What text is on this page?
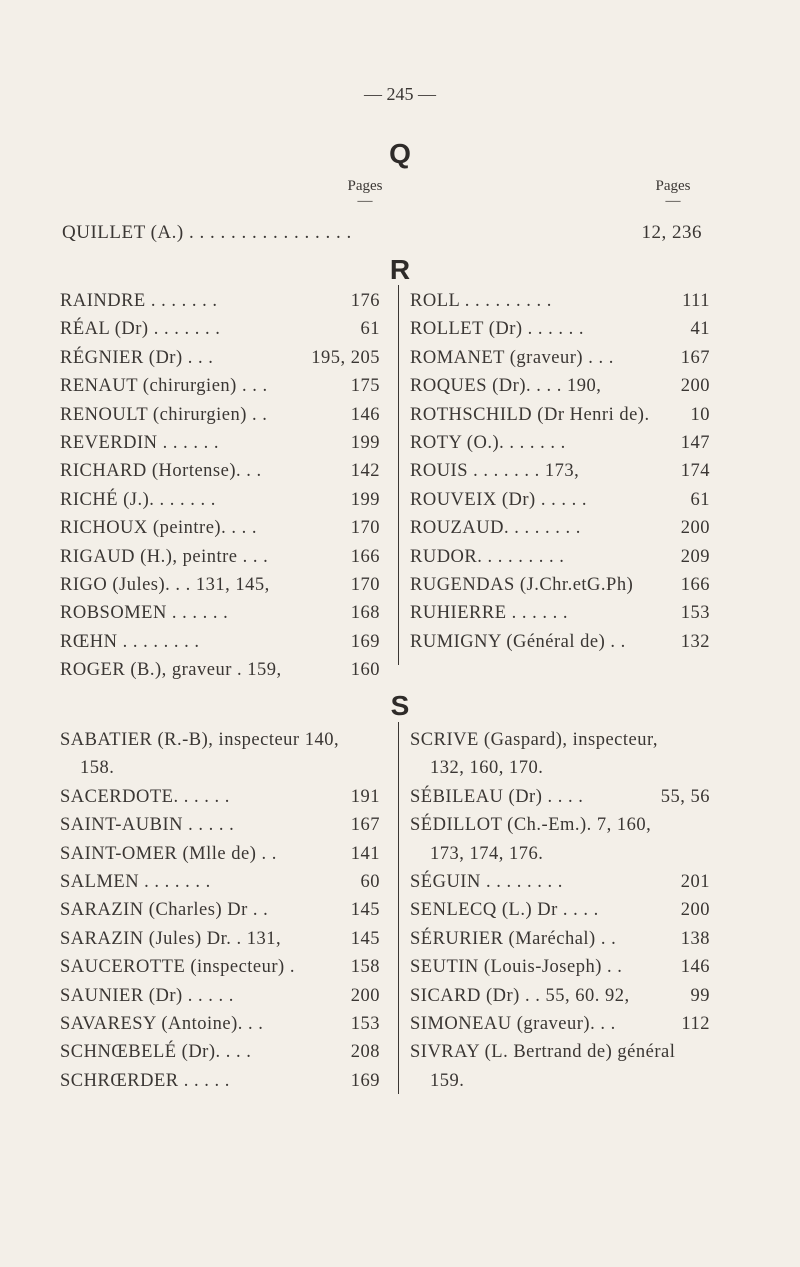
— 245 —
Q
Pages
—
Pages
—
QUILLET (A.) . . . . . . . . . . . . . . . .	12, 236
R
RAINDRE . . . . . . .	176
RÉAL (Dr) . . . . . . .	61
RÉGNIER (Dr) . . .	195, 205
RENAUT (chirurgien) . . .	175
RENOULT (chirurgien) . .	146
REVERDIN . . . . . .	199
RICHARD (Hortense). . .	142
RICHÉ (J.). . . . . . .	199
RICHOUX (peintre). . . .	170
RIGAUD (H.), peintre . . .	166
RIGO (Jules). . . 131, 145,	170
ROBSOMEN . . . . . .	168
RŒHN . . . . . . . .	169
ROGER (B.), graveur . 159,	160
ROLL . . . . . . . . .	111
ROLLET (Dr) . . . . . .	41
ROMANET (graveur) . . .	167
ROQUES (Dr). . . . 190,	200
ROTHSCHILD (Dr Henri de).	10
ROTY (O.). . . . . . .	147
ROUIS . . . . . . . 173,	174
ROUVEIX (Dr) . . . . .	61
ROUZAUD. . . . . . . .	200
RUDOR. . . . . . . . .	209
RUGENDAS (J.Chr.etG.Ph)	166
RUHIERRE . . . . . .	153
RUMIGNY (Général de) . .	132
S
SABATIER (R.-B), inspecteur 140,
158.
SACERDOTE. . . . . .	191
SAINT-AUBIN . . . . .	167
SAINT-OMER (Mlle de) . .	141
SALMEN . . . . . . .	60
SARAZIN (Charles) Dr . .	145
SARAZIN (Jules) Dr. . 131,	145
SAUCEROTTE (inspecteur) .	158
SAUNIER (Dr) . . . . .	200
SAVARESY (Antoine). . .	153
SCHNŒBELÉ (Dr). . . .	208
SCHRŒRDER . . . . .	169
SCRIVE (Gaspard), inspecteur,
132, 160, 170.
SÉBILEAU (Dr) . . . .	55, 56
SÉDILLOT (Ch.-Em.). 7, 160,
173, 174, 176.
SÉGUIN . . . . . . . .	201
SENLECQ (L.) Dr . . . .	200
SÉRURIER (Maréchal) . .	138
SEUTIN (Louis-Joseph) . .	146
SICARD (Dr) . . 55, 60. 92,	99
SIMONEAU (graveur). . .	112
SIVRAY (L. Bertrand de) général
159.
